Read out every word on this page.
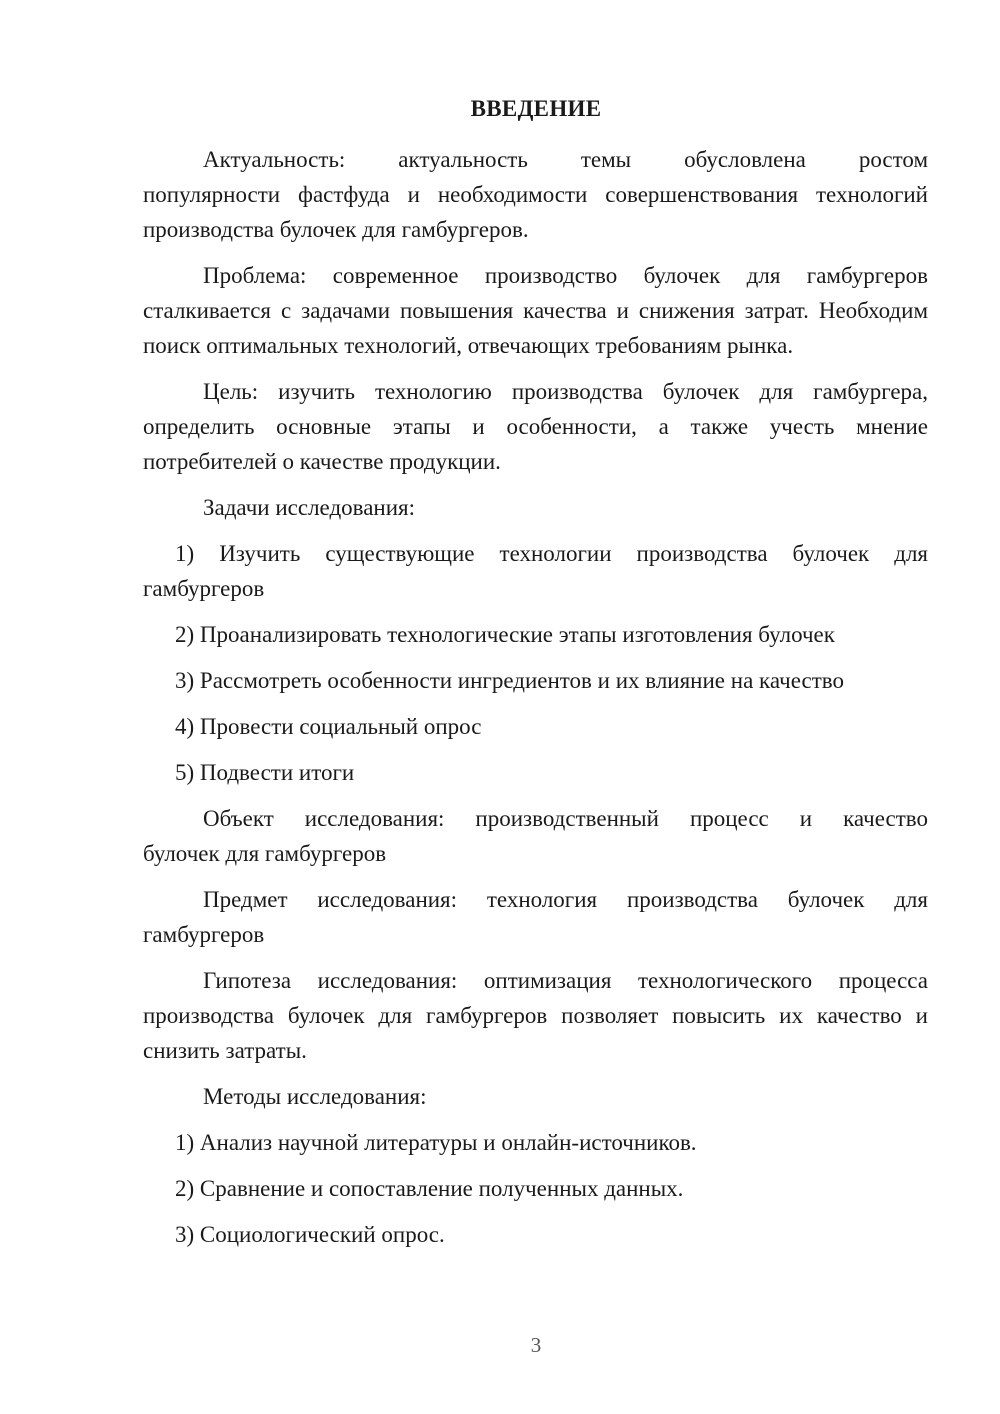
ВВЕДЕНИЕ
Актуальность: актуальность темы обусловлена ростом
популярности фастфуда и необходимости совершенствования технологий
производства булочек для гамбургеров.

Проблема: современное производство булочек для гамбургеров сталкивается с задачами повышения качества и снижения затрат. Необходим поиск оптимальных технологий, отвечающих требованиям рынка.

Цель: изучить технологию производства булочек для гамбургера, определить основные этапы и особенности, а также учесть мнение потребителей о качестве продукции.

Задачи исследования:

1) Изучить существующие технологии производства булочек для
гамбургеров
2) Проанализировать технологические этапы изготовления булочек
3) Рассмотреть особенности ингредиентов и их влияние на качество
4) Провести социальный опрос
5) Подвести итоги
Объект исследования: производственный процесс и качество
булочек для гамбургеров
Предмет исследования: технология производства булочек для
гамбургеров

Гипотеза исследования: оптимизация технологического процесса производства булочек для гамбургеров позволяет повысить их качество и снизить затраты.

Методы исследования:

1) Анализ научной литературы и онлайн-источников.
2) Сравнение и сопоставление полученных данных.
3) Социологический опрос.
3
